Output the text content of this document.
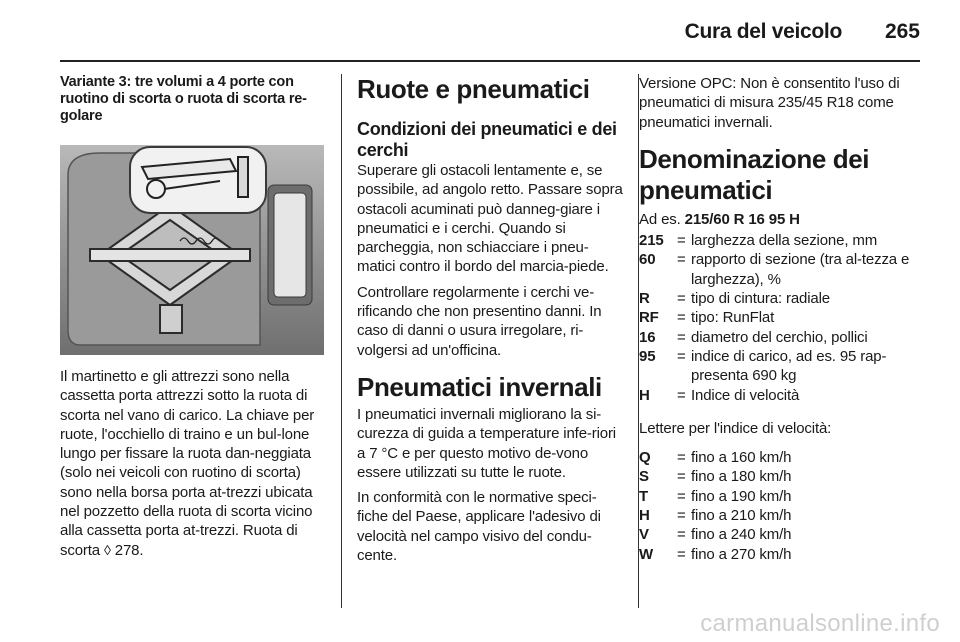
Cura del veicolo 265

Variante 3: tre volumi a 4 porte con ruotino di scorta o ruota di scorta re-golare

Il martinetto e gli attrezzi sono nella cassetta porta attrezzi sotto la ruota di scorta nel vano di carico. La chiave per ruote, l'occhiello di traino e un bul-lone lungo per fissare la ruota dan-neggiata (solo nei veicoli con ruotino di scorta) sono nella borsa porta at-trezzi ubicata nel pozzetto della ruota di scorta vicino alla cassetta porta at-trezzi. Ruota di scorta ◊ 278.

Ruote e pneumatici

Condizioni dei pneumatici e dei cerchi

Superare gli ostacoli lentamente e, se possibile, ad angolo retto. Passare sopra ostacoli acuminati può danneg-giare i pneumatici e i cerchi. Quando si parcheggia, non schiacciare i pneu-matici contro il bordo del marcia-piede.

Controllare regolarmente i cerchi ve-rificando che non presentino danni. In caso di danni o usura irregolare, ri-volgersi ad un'officina.

Pneumatici invernali

I pneumatici invernali migliorano la si-curezza di guida a temperature infe-riori a 7 °C e per questo motivo de-vono essere utilizzati su tutte le ruote.

In conformità con le normative speci-fiche del Paese, applicare l'adesivo di velocità nel campo visivo del condu-cente.

Versione OPC: Non è consentito l'uso di pneumatici di misura 235/45 R18 come pneumatici invernali.

Denominazione dei pneumatici

Ad es. 215/60 R 16 95 H

215 = larghezza della sezione, mm
60	= rapporto di sezione (tra al-tezza e larghezza), %
R	= tipo di cintura: radiale
RF	= tipo: RunFlat
16	= diametro del cerchio, pollici
95	= indice di carico, ad es. 95 rap-presenta 690 kg
H	= Indice di velocità

Lettere per l'indice di velocità:

Q	= fino a 160 km/h
S	= fino a 180 km/h
T	= fino a 190 km/h
H	= fino a 210 km/h
V	= fino a 240 km/h
W	= fino a 270 km/h
carmanualsonline.info
